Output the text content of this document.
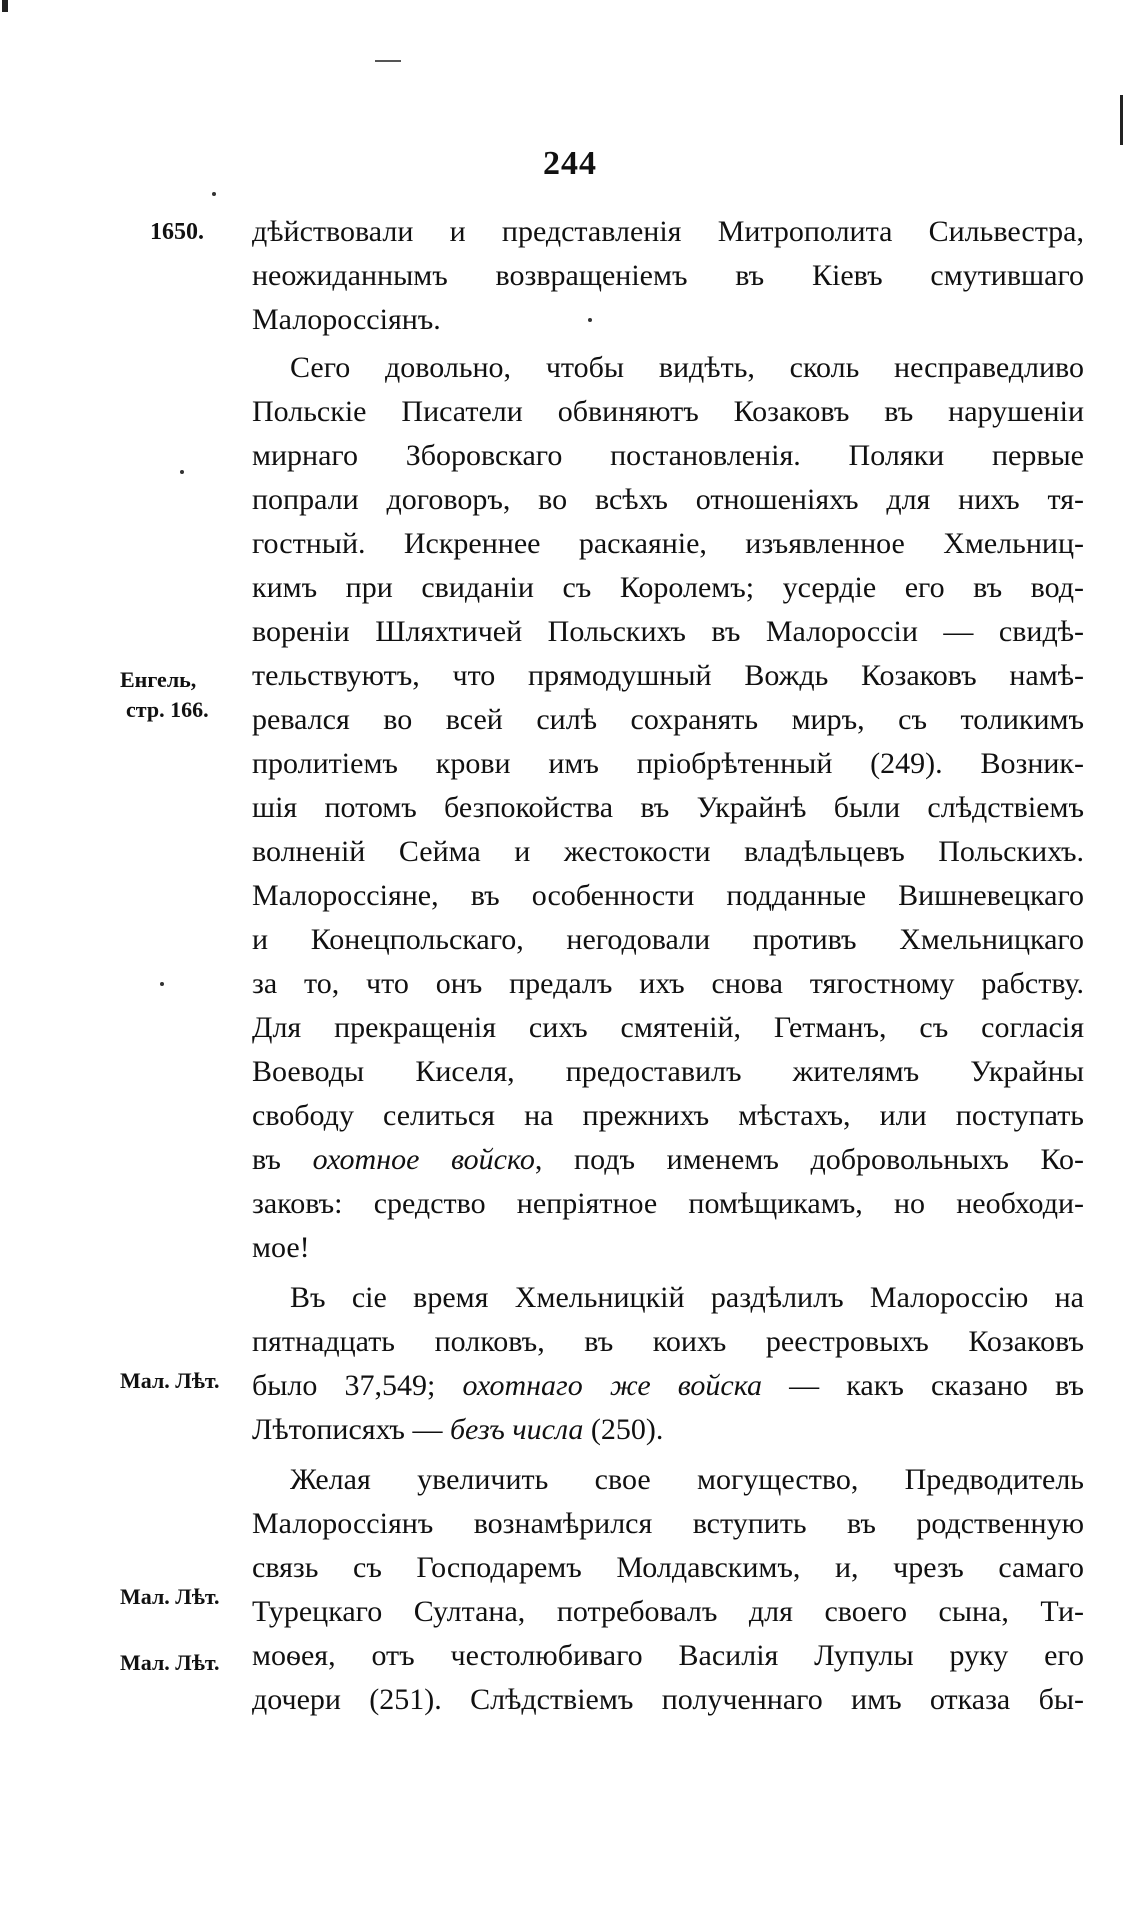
244
1650.
Енгель,
стр. 166.
Мал. Лѣт.
Мал. Лѣт.
Мал. Лѣт.
дѣйствовали и представленія Митрополита Сильвестра,
неожиданнымъ возвращеніемъ въ Кіевъ смутившаго
Малороссіянъ.
Сего довольно, чтобы видѣть, сколь несправедливо
Польскіе Писатели обвиняютъ Козаковъ въ нарушеніи
мирнаго Зборовскаго постановленія. Поляки первые
попрали договоръ, во всѣхъ отношеніяхъ для нихъ тя-
гостный. Искреннее раскаяніе, изъявленное Хмельниц-
кимъ при свиданіи съ Королемъ; усердіе его въ вод-
вореніи Шляхтичей Польскихъ въ Малороссіи — свидѣ-
тельствуютъ, что прямодушный Вождь Козаковъ намѣ-
ревался во всей силѣ сохранять миръ, съ толикимъ
пролитіемъ крови имъ пріобрѣтенный (249). Возник-
шія потомъ безпокойства въ Украйнѣ были слѣдствіемъ
волненій Сейма и жестокости владѣльцевъ Польскихъ.
Малороссіяне, въ особенности подданные Вишневецкаго
и Конецпольскаго, негодовали противъ Хмельницкаго
за то, что онъ предалъ ихъ снова тягостному рабству.
Для прекращенія сихъ смятеній, Гетманъ, съ согласія
Воеводы Киселя, предоставилъ жителямъ Украйны
свободу селиться на прежнихъ мѣстахъ, или поступать
въ охотное войско, подъ именемъ добровольныхъ Ко-
заковъ: средство непріятное помѣщикамъ, но необходи-
мое!
Въ сіе время Хмельницкій раздѣлилъ Малороссію на
пятнадцать полковъ, въ коихъ реестровыхъ Козаковъ
было 37,549; охотнаго же войска — какъ сказано въ
Лѣтописяхъ — безъ числа (250).
Желая увеличить свое могущество, Предводитель
Малороссіянъ вознамѣрился вступить въ родственную
связь съ Господаремъ Молдавскимъ, и, чрезъ самаго
Турецкаго Султана, потребовалъ для своего сына, Ти-
моѳея, отъ честолюбиваго Василія Лупулы руку его
дочери (251). Слѣдствіемъ полученнаго имъ отказа бы-
